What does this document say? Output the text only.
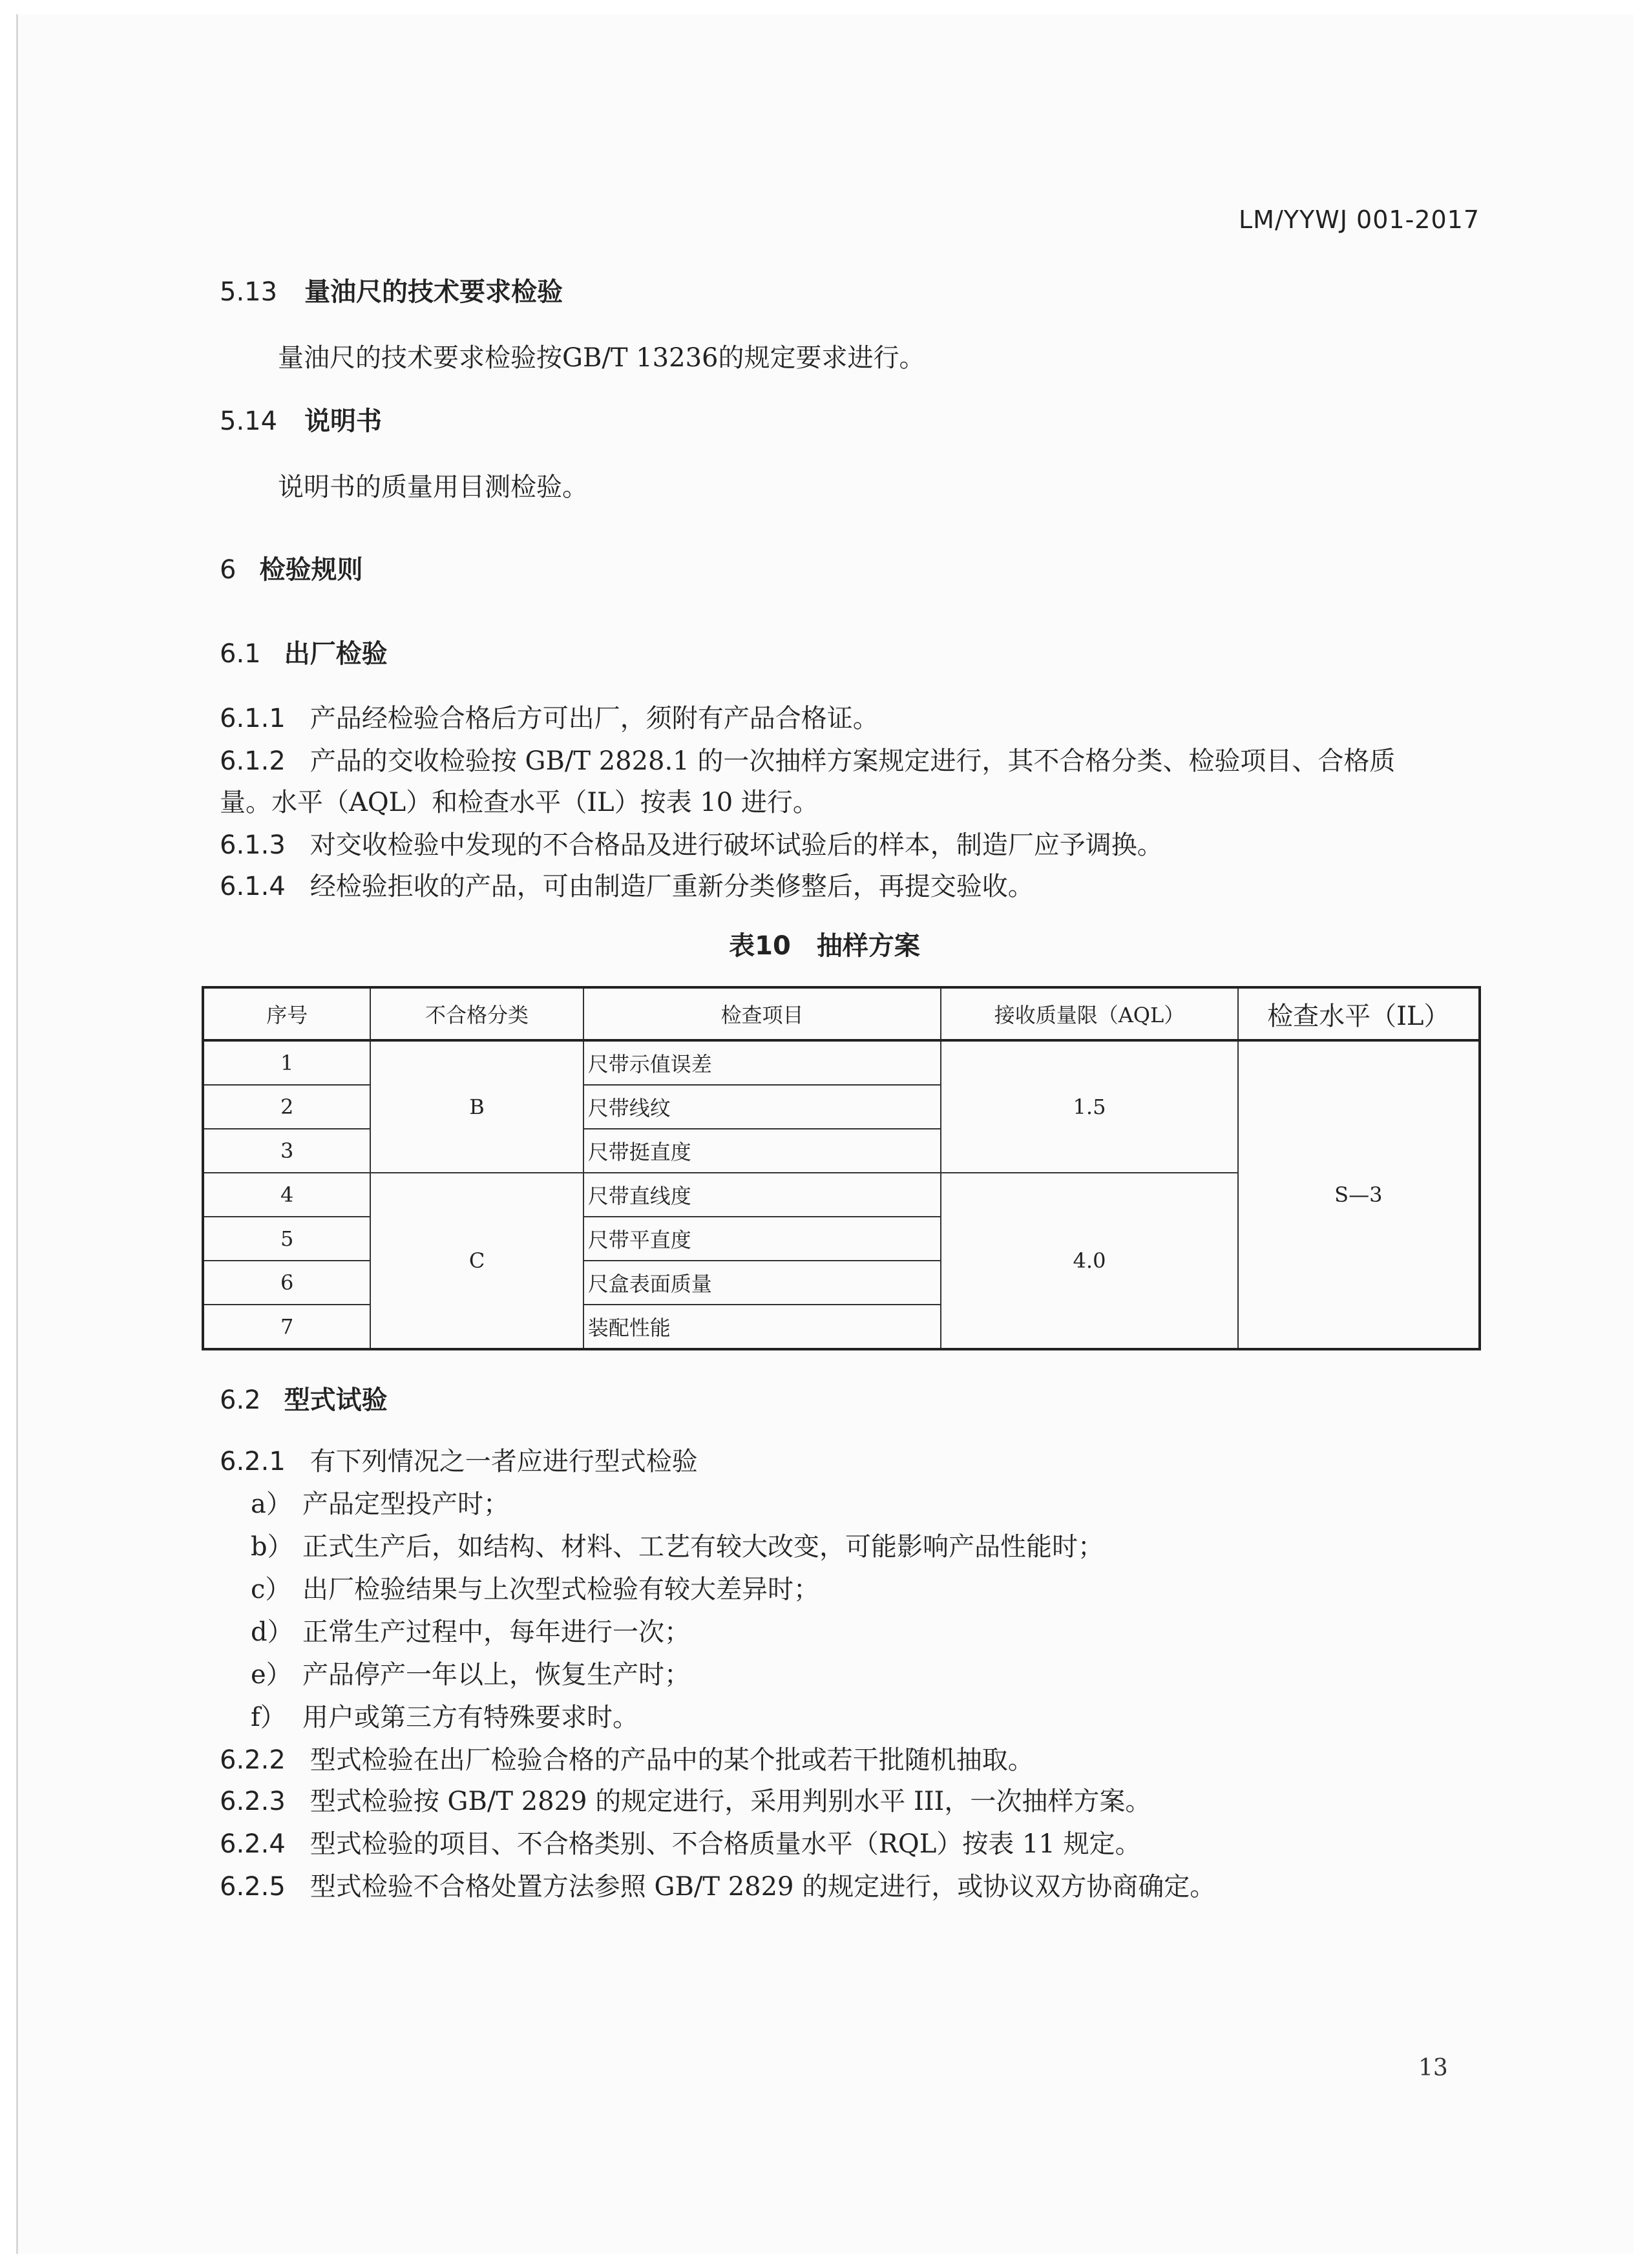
LM/YYWJ 001-2017
5.13 量油尺的技术要求检验
量油尺的技术要求检验按GB/T 13236的规定要求进行。
5.14 说明书
说明书的质量用目测检验。
6 检验规则
6.1 出厂检验
6.1.1 产品经检验合格后方可出厂，须附有产品合格证。
6.1.2 产品的交收检验按 GB/T 2828.1 的一次抽样方案规定进行，其不合格分类、检验项目、合格质
量。水平（AQL）和检查水平（IL）按表 10 进行。
6.1.3 对交收检验中发现的不合格品及进行破坏试验后的样本，制造厂应予调换。
6.1.4 经检验拒收的产品，可由制造厂重新分类修整后，再提交验收。
表10 抽样方案
序号	不合格分类	检查项目	接收质量限（AQL）	检查水平（IL）
1	B	尺带示值误差	1.5	S—3
2		尺带线纹		
3		尺带挺直度		
4	C	尺带直线度	4.0	
5		尺带平直度		
6		尺盒表面质量		
7		装配性能		
6.2 型式试验
6.2.1 有下列情况之一者应进行型式检验
a） 产品定型投产时；
b） 正式生产后，如结构、材料、工艺有较大改变，可能影响产品性能时；
c） 出厂检验结果与上次型式检验有较大差异时；
d） 正常生产过程中，每年进行一次；
e） 产品停产一年以上，恢复生产时；
f） 用户或第三方有特殊要求时。
6.2.2 型式检验在出厂检验合格的产品中的某个批或若干批随机抽取。
6.2.3 型式检验按 GB/T 2829 的规定进行，采用判别水平 III，一次抽样方案。
6.2.4 型式检验的项目、不合格类别、不合格质量水平（RQL）按表 11 规定。
6.2.5 型式检验不合格处置方法参照 GB/T 2829 的规定进行，或协议双方协商确定。
13
